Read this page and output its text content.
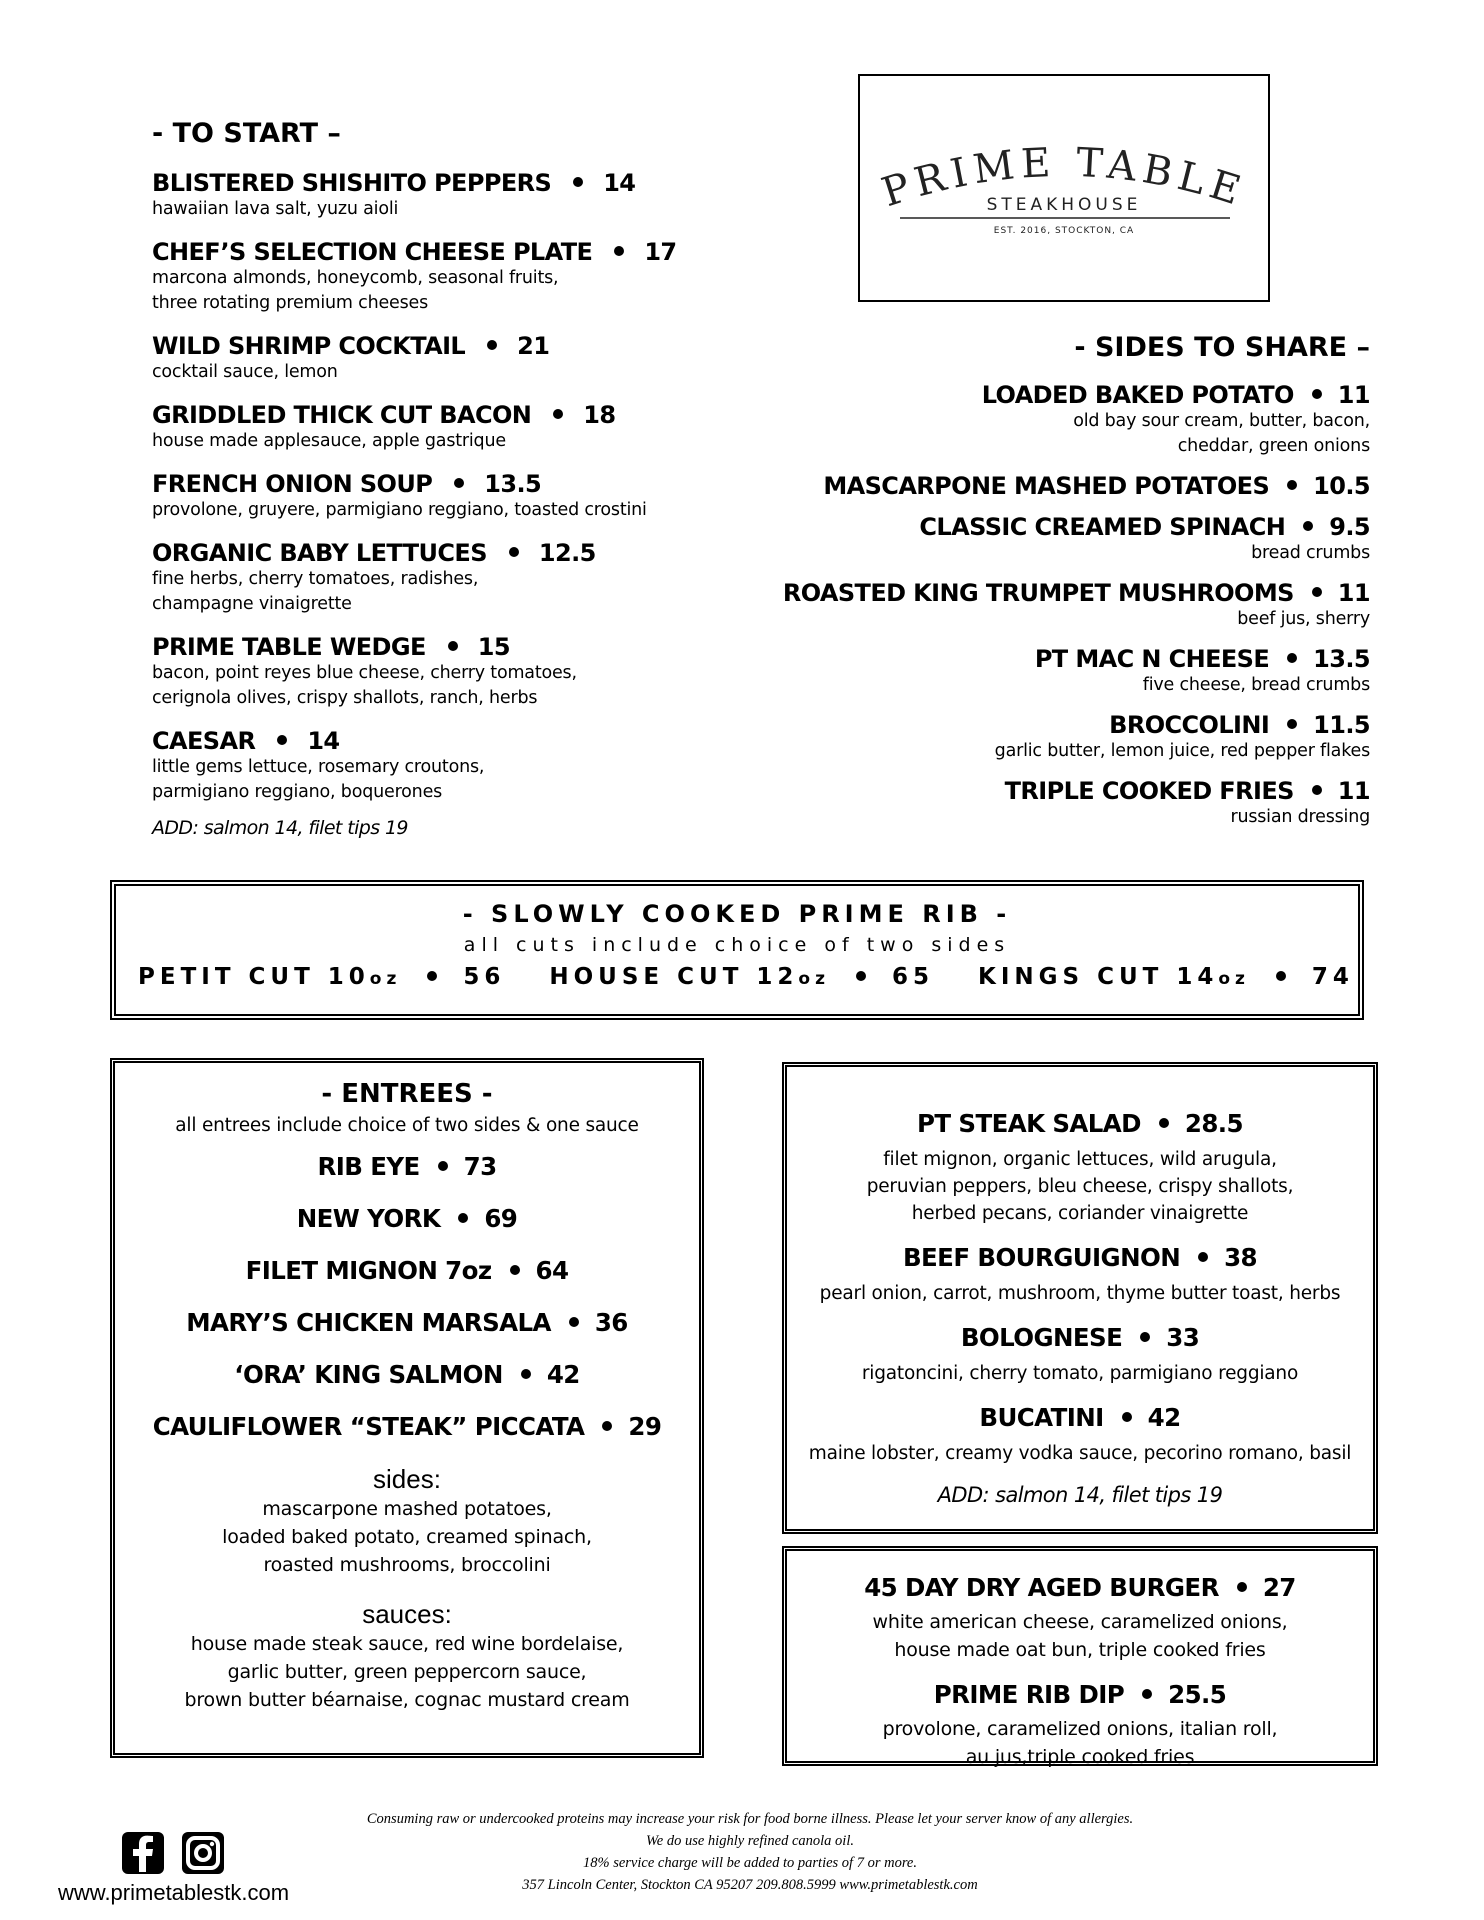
PRIME TABLE
STEAKHOUSE
EST. 2016, STOCKTON, CA
- TO START –
BLISTERED SHISHITO PEPPERS 14
hawaiian lava salt, yuzu aioli
CHEF’S SELECTION CHEESE PLATE 17
marcona almonds, honeycomb, seasonal fruits,
three rotating premium cheeses
WILD SHRIMP COCKTAIL 21
cocktail sauce, lemon
GRIDDLED THICK CUT BACON 18
house made applesauce, apple gastrique
FRENCH ONION SOUP 13.5
provolone, gruyere, parmigiano reggiano, toasted crostini
ORGANIC BABY LETTUCES 12.5
fine herbs, cherry tomatoes, radishes,
champagne vinaigrette
PRIME TABLE WEDGE 15
bacon, point reyes blue cheese, cherry tomatoes,
cerignola olives, crispy shallots, ranch, herbs
CAESAR 14
little gems lettuce, rosemary croutons,
parmigiano reggiano, boquerones
ADD: salmon 14, filet tips 19
- SIDES TO SHARE –
LOADED BAKED POTATO 11
old bay sour cream, butter, bacon,
cheddar, green onions
MASCARPONE MASHED POTATOES 10.5
CLASSIC CREAMED SPINACH 9.5
bread crumbs
ROASTED KING TRUMPET MUSHROOMS 11
beef jus, sherry
PT MAC N CHEESE 13.5
five cheese, bread crumbs
BROCCOLINI 11.5
garlic butter, lemon juice, red pepper flakes
TRIPLE COOKED FRIES 11
russian dressing
- SLOWLY COOKED PRIME RIB -
all cuts include choice of two sides
PETIT CUT 10oz	56 HOUSE CUT 12oz	65 KINGS CUT 14oz	74
- ENTREES -
all entrees include choice of two sides & one sauce
RIB EYE 73
NEW YORK 69
FILET MIGNON 7oz 64
MARY’S CHICKEN MARSALA 36
‘ORA’ KING SALMON 42
CAULIFLOWER “STEAK” PICCATA 29
sides:
mascarpone mashed potatoes,
loaded baked potato, creamed spinach,
roasted mushrooms, broccolini
sauces:
house made steak sauce, red wine bordelaise,
garlic butter, green peppercorn sauce,
brown butter béarnaise, cognac mustard cream
PT STEAK SALAD 28.5
filet mignon, organic lettuces, wild arugula,
peruvian peppers, bleu cheese, crispy shallots,
herbed pecans, coriander vinaigrette
BEEF BOURGUIGNON 38
pearl onion, carrot, mushroom, thyme butter toast, herbs
BOLOGNESE 33
rigatoncini, cherry tomato, parmigiano reggiano
BUCATINI 42
maine lobster, creamy vodka sauce, pecorino romano, basil
ADD: salmon 14, filet tips 19
45 DAY DRY AGED BURGER 27
white american cheese, caramelized onions,
house made oat bun, triple cooked fries
PRIME RIB DIP 25.5
provolone, caramelized onions, italian roll,
au jus,triple cooked fries
Consuming raw or undercooked proteins may increase your risk for food borne illness. Please let your server know of any allergies.
We do use highly refined canola oil.
18% service charge will be added to parties of 7 or more.
357 Lincoln Center, Stockton CA 95207 209.808.5999 www.primetablestk.com
www.primetablestk.com
